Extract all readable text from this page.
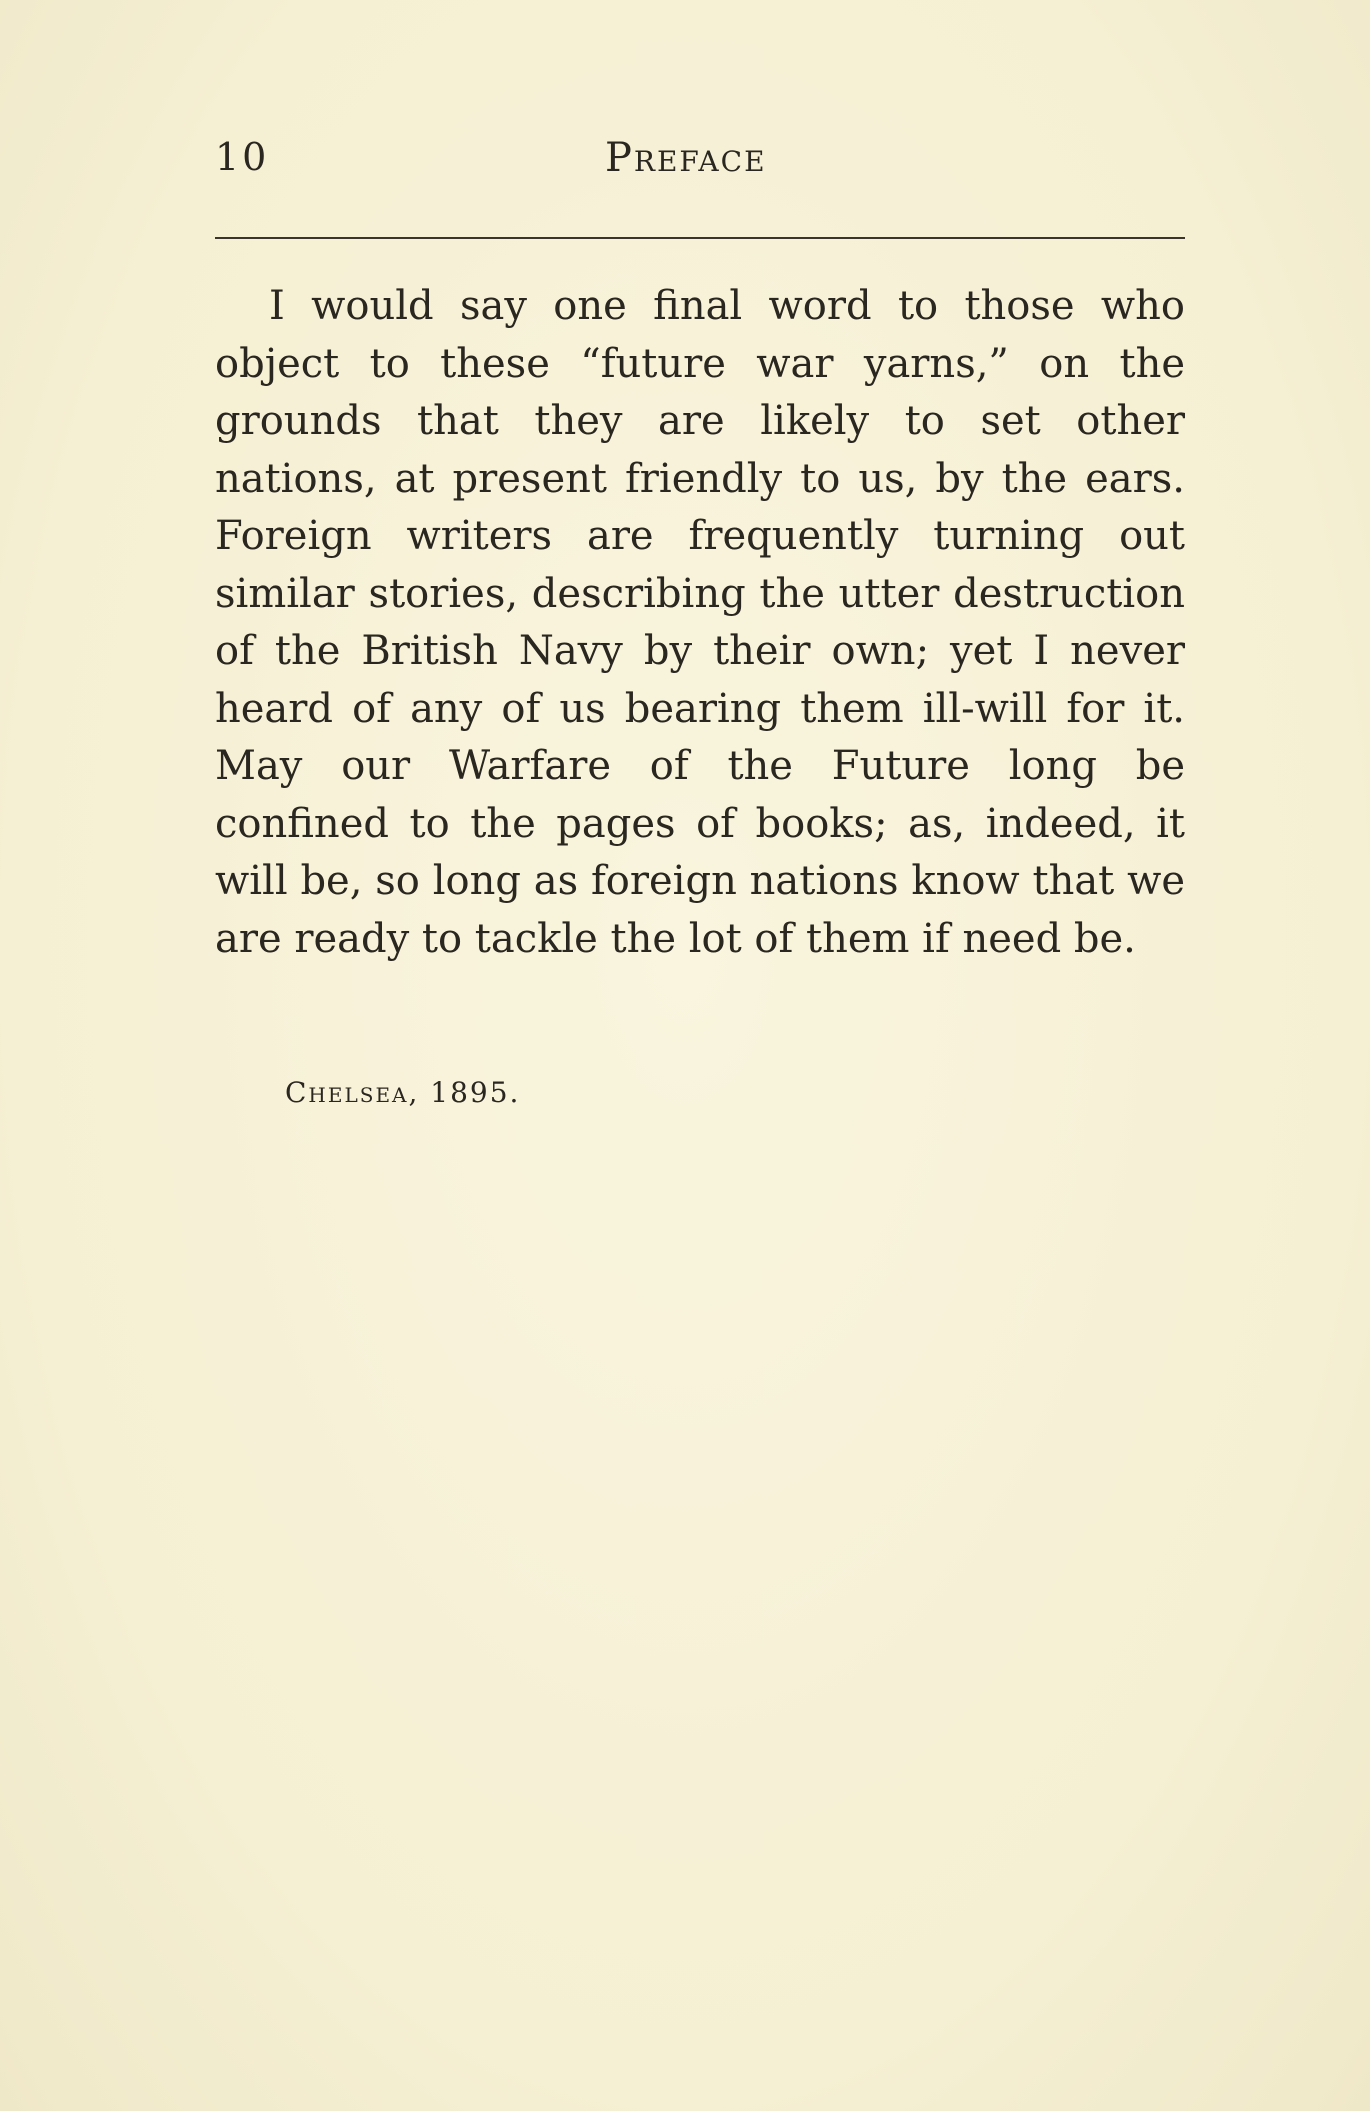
10	Preface

I would say one final word to those who object to these “future war yarns,” on the grounds that they are likely to set other nations, at present friendly to us, by the ears. Foreign writers are frequently turning out similar stories, describing the utter destruction of the British Navy by their own; yet I never heard of any of us bearing them ill-will for it. May our Warfare of the Future long be confined to the pages of books; as, indeed, it will be, so long as foreign nations know that we are ready to tackle the lot of them if need be.

Chelsea, 1895.
